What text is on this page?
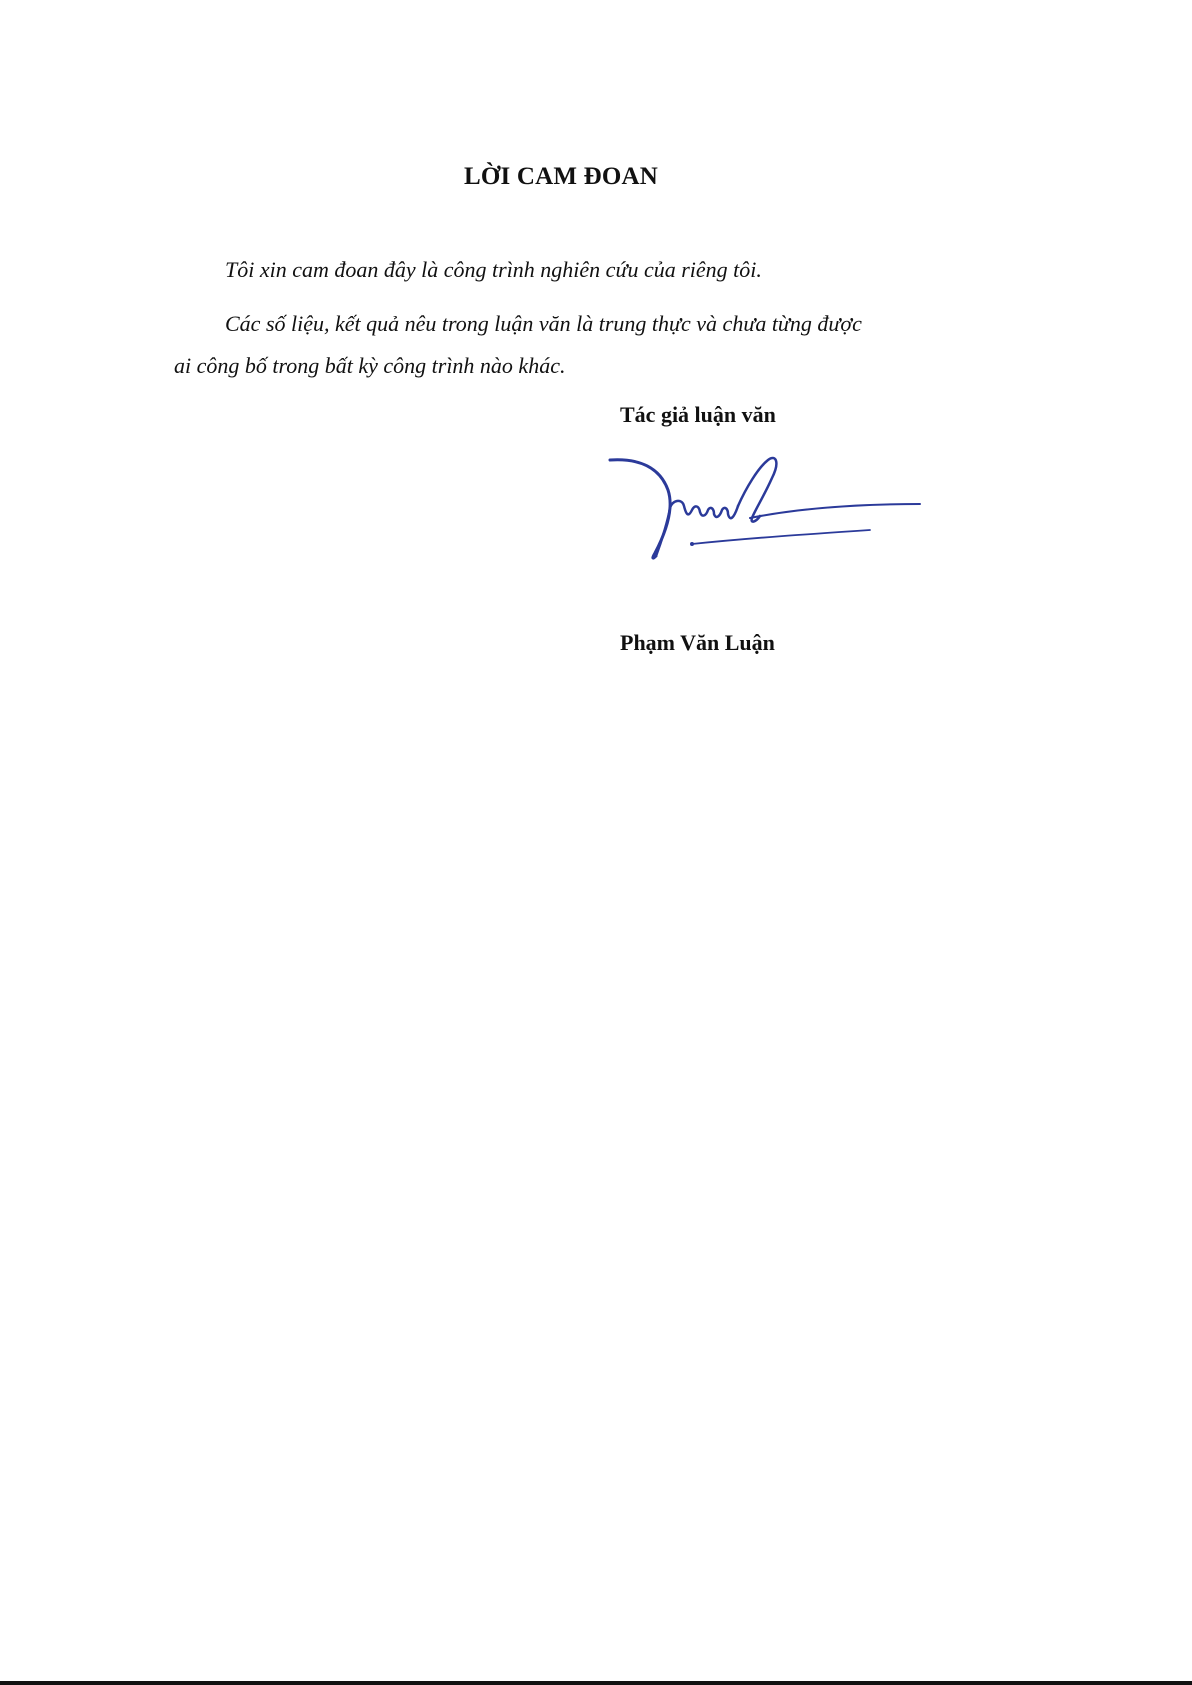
LỜI CAM ĐOAN
Tôi xin cam đoan đây là công trình nghiên cứu của riêng tôi.
Các số liệu, kết quả nêu trong luận văn là trung thực và chưa từng được
ai công bố trong bất kỳ công trình nào khác.
Tác giả luận văn
Phạm Văn Luận
